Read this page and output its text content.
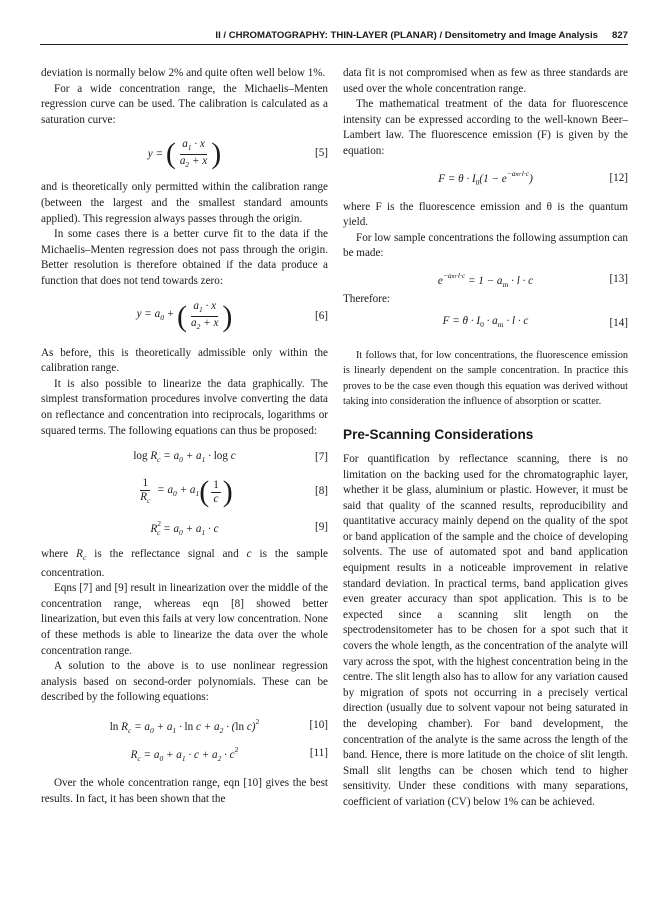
II / CHROMATOGRAPHY: THIN-LAYER (PLANAR) / Densitometry and Image Analysis 827

deviation is normally below 2% and quite often well below 1%.

For a wide concentration range, the Michaelis–Menten regression curve can be used. The calibration is calculated as a saturation curve:

y = ( $\frac{a_1 \cdot x}{a_2 + x}$ )	[5]

and is theoretically only permitted within the calibration range (between the largest and the smallest standard amounts applied). This regression always passes through the origin.

In some cases there is a better curve fit to the data if the Michaelis–Menten regression does not pass through the origin. Better resolution is therefore obtained if the data produce a function that does not tend towards zero:

$y = a_0$ + ( $\frac{a_1 \cdot x}{a_2 + x}$ )	[6]

As before, this is theoretically admissible only within the calibration range.

It is also possible to linearize the data graphically. The simplest transformation procedures involve converting the data on reflectance and concentration into reciprocals, logarithms or squared terms. The following equations can thus be proposed:

$\log R_c = a_0 + a_1 \cdot \log c$	[7]
$\frac{1}{R_c} = a_0 + a_1$ ( $\frac{1}{c}$ )	[8]
$R^2_c = a_0 + a_1 \cdot c$	[9]

where $R_c$ is the reflectance signal and c is the sample concentration.

Eqns [7] and [9] result in linearization over the middle of the concentration range, whereas eqn [8] showed better linearization, but even this fails at very low concentration. None of these methods is able to linearize the data over the whole concentration range.

A solution to the above is to use nonlinear regression analysis based on second-order polynomials. These can be described by the following equations:

$\ln R_c = a_0 + a_1 \cdot \ln c + a_2 \cdot (\ln$ c)$^2$	[10]
$R_c = a_0 + a_1 \cdot c + a_2 \cdot c^2$	[11]

Over the whole concentration range, eqn [10] gives the best results. In fact, it has been shown that the

data fit is not compromised when as few as three standards are used over the whole concentration range.

The mathematical treatment of the data for fluorescence intensity can be expressed according to the well-known Beer–Lambert law. The fluorescence emission (F) is given by the equation:

$F = \theta \cdot I_0(1 - e^{-am\cdot l\cdot c})$	[12]

where F is the fluorescence emission and θ is the quantum yield.

For low sample concentrations the following assumption can be made:

$e^{-am\cdot l\cdot c} = 1 - a_m \cdot l \cdot c$	[13]

Therefore:

$F = \theta \cdot I_0 \cdot a_m \cdot l \cdot c$	[14]

It follows that, for low concentrations, the fluorescence emission is linearly dependent on the sample concentration. In practice this proves to be the case even though this equation was derived without taking into consideration the influence of absorption or scatter.

Pre-Scanning Considerations

For quantification by reflectance scanning, there is no limitation on the backing used for the chromatographic layer, whether it be glass, aluminium or plastic. However, it must be said that quality of the scanned results, reproducibility and quantitative accuracy mainly depend on the quality of the spot or band application of the sample and the choice of developing solvents. The use of automated spot and band application equipment results in a noticeable improvement in relative standard deviation. In practical terms, band application gives even greater accuracy than spot application. This is to be expected since a scanning slit length on the spectrodensitometer has to be chosen for a spot such that it covers the whole length, as the concentration of the analyte will vary across the spot, with the highest concentration being in the centre. The slit length also has to allow for any variation caused by migration of spots not occurring in a precisely vertical direction (usually due to solvent vapour not being saturated in the developing chamber). For band development, the concentration of the analyte is the same across the length of the band. Hence, there is more latitude on the choice of slit length. Small slit lengths can be chosen which tend to higher sensitivity. Under these conditions with many separations, coefficient of variation (CV) below 1% can be achieved.
